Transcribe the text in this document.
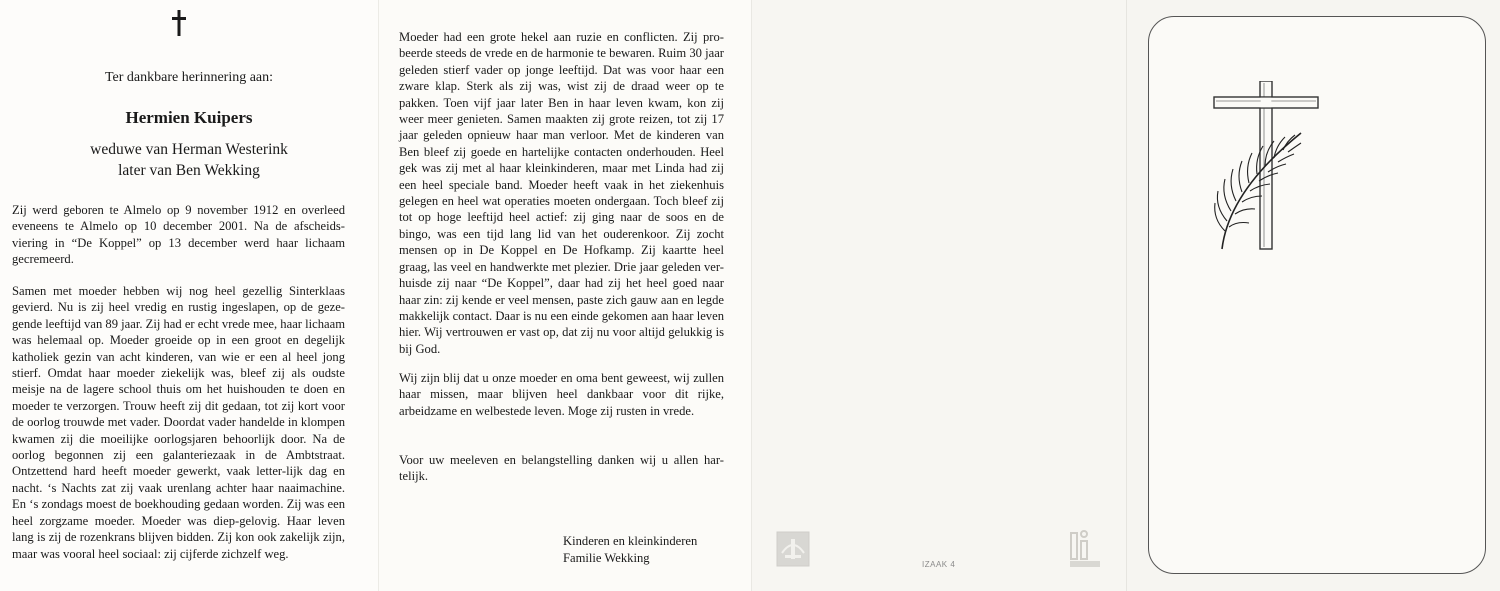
Ter dankbare herinnering aan:
Hermien Kuipers
weduwe van Herman Westerink
later van Ben Wekking
Zij werd geboren te Almelo op 9 november 1912 en overleed eveneens te Almelo op 10 december 2001. Na de afscheids-viering in “De Koppel” op 13 december werd haar lichaam gecremeerd.
Samen met moeder hebben wij nog heel gezellig Sinterklaas gevierd. Nu is zij heel vredig en rustig ingeslapen, op de geze-gende leeftijd van 89 jaar. Zij had er echt vrede mee, haar lichaam was helemaal op. Moeder groeide op in een groot en degelijk katholiek gezin van acht kinderen, van wie er een al heel jong stierf. Omdat haar moeder ziekelijk was, bleef zij als oudste meisje na de lagere school thuis om het huishouden te doen en moeder te verzorgen. Trouw heeft zij dit gedaan, tot zij kort voor de oorlog trouwde met vader. Doordat vader handelde in klompen kwamen zij die moeilijke oorlogsjaren behoorlijk door. Na de oorlog begonnen zij een galanteriezaak in de Ambtstraat. Ontzettend hard heeft moeder gewerkt, vaak letter-lijk dag en nacht. ‘s Nachts zat zij vaak urenlang achter haar naaimachine. En ‘s zondags moest de boekhouding gedaan worden. Zij was een heel zorgzame moeder. Moeder was diep-gelovig. Haar leven lang is zij de rozenkrans blijven bidden. Zij kon ook zakelijk zijn, maar was vooral heel sociaal: zij cijferde zichzelf weg.
Moeder had een grote hekel aan ruzie en conflicten. Zij pro-beerde steeds de vrede en de harmonie te bewaren. Ruim 30 jaar geleden stierf vader op jonge leeftijd. Dat was voor haar een zware klap. Sterk als zij was, wist zij de draad weer op te pakken. Toen vijf jaar later Ben in haar leven kwam, kon zij weer meer genieten. Samen maakten zij grote reizen, tot zij 17 jaar geleden opnieuw haar man verloor. Met de kinderen van Ben bleef zij goede en hartelijke contacten onderhouden. Heel gek was zij met al haar kleinkinderen, maar met Linda had zij een heel speciale band. Moeder heeft vaak in het ziekenhuis gelegen en heel wat operaties moeten ondergaan. Toch bleef zij tot op hoge leeftijd heel actief: zij ging naar de soos en de bingo, was een tijd lang lid van het ouderenkoor. Zij zocht mensen op in De Koppel en De Hofkamp. Zij kaartte heel graag, las veel en handwerkte met plezier. Drie jaar geleden ver-huisde zij naar “De Koppel”, daar had zij het heel goed naar haar zin: zij kende er veel mensen, paste zich gauw aan en legde makkelijk contact. Daar is nu een einde gekomen aan haar leven hier. Wij vertrouwen er vast op, dat zij nu voor altijd gelukkig is bij God.
Wij zijn blij dat u onze moeder en oma bent geweest, wij zullen haar missen, maar blijven heel dankbaar voor dit rijke, arbeidzame en welbestede leven. Moge zij rusten in vrede.
Voor uw meeleven en belangstelling danken wij u allen har-telijk.
Kinderen en kleinkinderen
Familie Wekking	IZAAK 4
